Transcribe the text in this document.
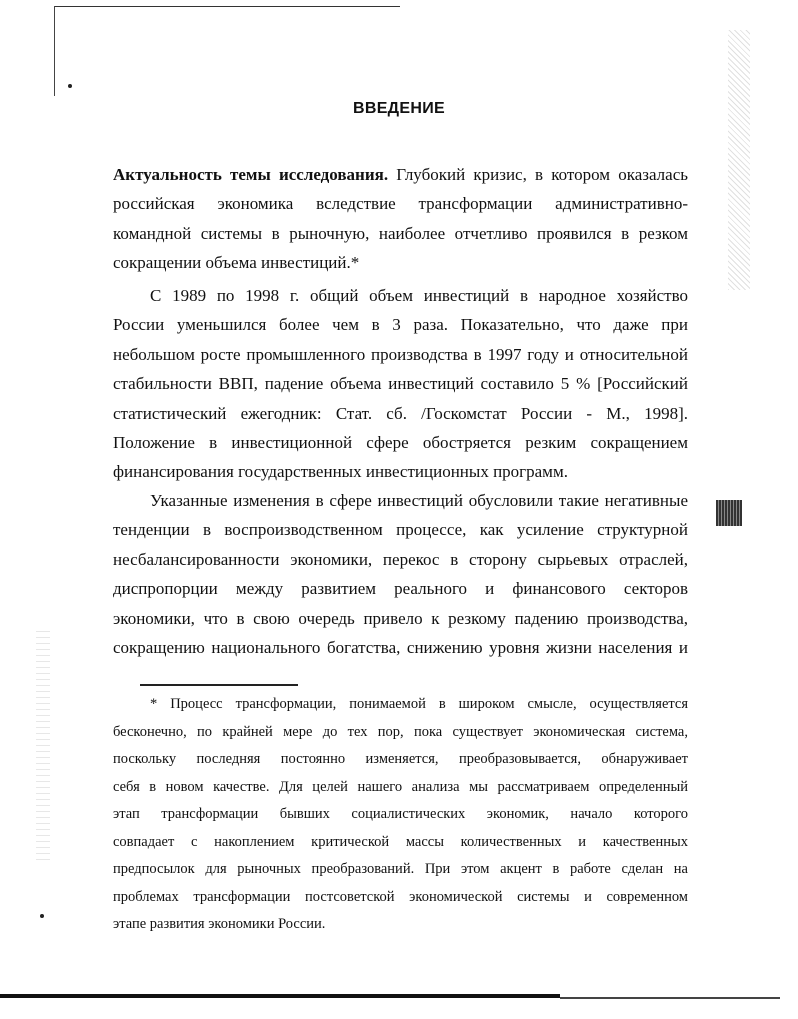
ВВЕДЕНИЕ
Актуальность темы исследования. Глубокий кризис, в котором оказалась
российская экономика вследствие трансформации административно-
командной системы в рыночную, наиболее отчетливо проявился в резком
сокращении объема инвестиций.*
С 1989 по 1998 г. общий объем инвестиций в народное хозяйство
России уменьшился более чем в 3 раза. Показательно, что даже при
небольшом росте промышленного производства в 1997 году и относительной
стабильности ВВП, падение объема инвестиций составило 5 % [Российский
статистический ежегодник: Стат. сб. /Госкомстат России - М., 1998].
Положение в инвестиционной сфере обостряется резким сокращением
финансирования государственных инвестиционных программ.
Указанные изменения в сфере инвестиций обусловили такие негативные
тенденции в воспроизводственном процессе, как усиление структурной
несбалансированности экономики, перекос в сторону сырьевых отраслей,
диспропорции между развитием реального и финансового секторов
экономики, что в свою очередь привело к резкому падению производства,
сокращению национального богатства, снижению уровня жизни населения и
* Процесс трансформации, понимаемой в широком смысле, осуществляется
бесконечно, по крайней мере до тех пор, пока существует экономическая система,
поскольку последняя постоянно изменяется, преобразовывается, обнаруживает
себя в новом качестве. Для целей нашего анализа мы рассматриваем определенный
этап трансформации бывших социалистических экономик, начало которого
совпадает с накоплением критической массы количественных и качественных
предпосылок для рыночных преобразований. При этом акцент в работе сделан на
проблемах трансформации постсоветской экономической системы и современном
этапе развития экономики России.
